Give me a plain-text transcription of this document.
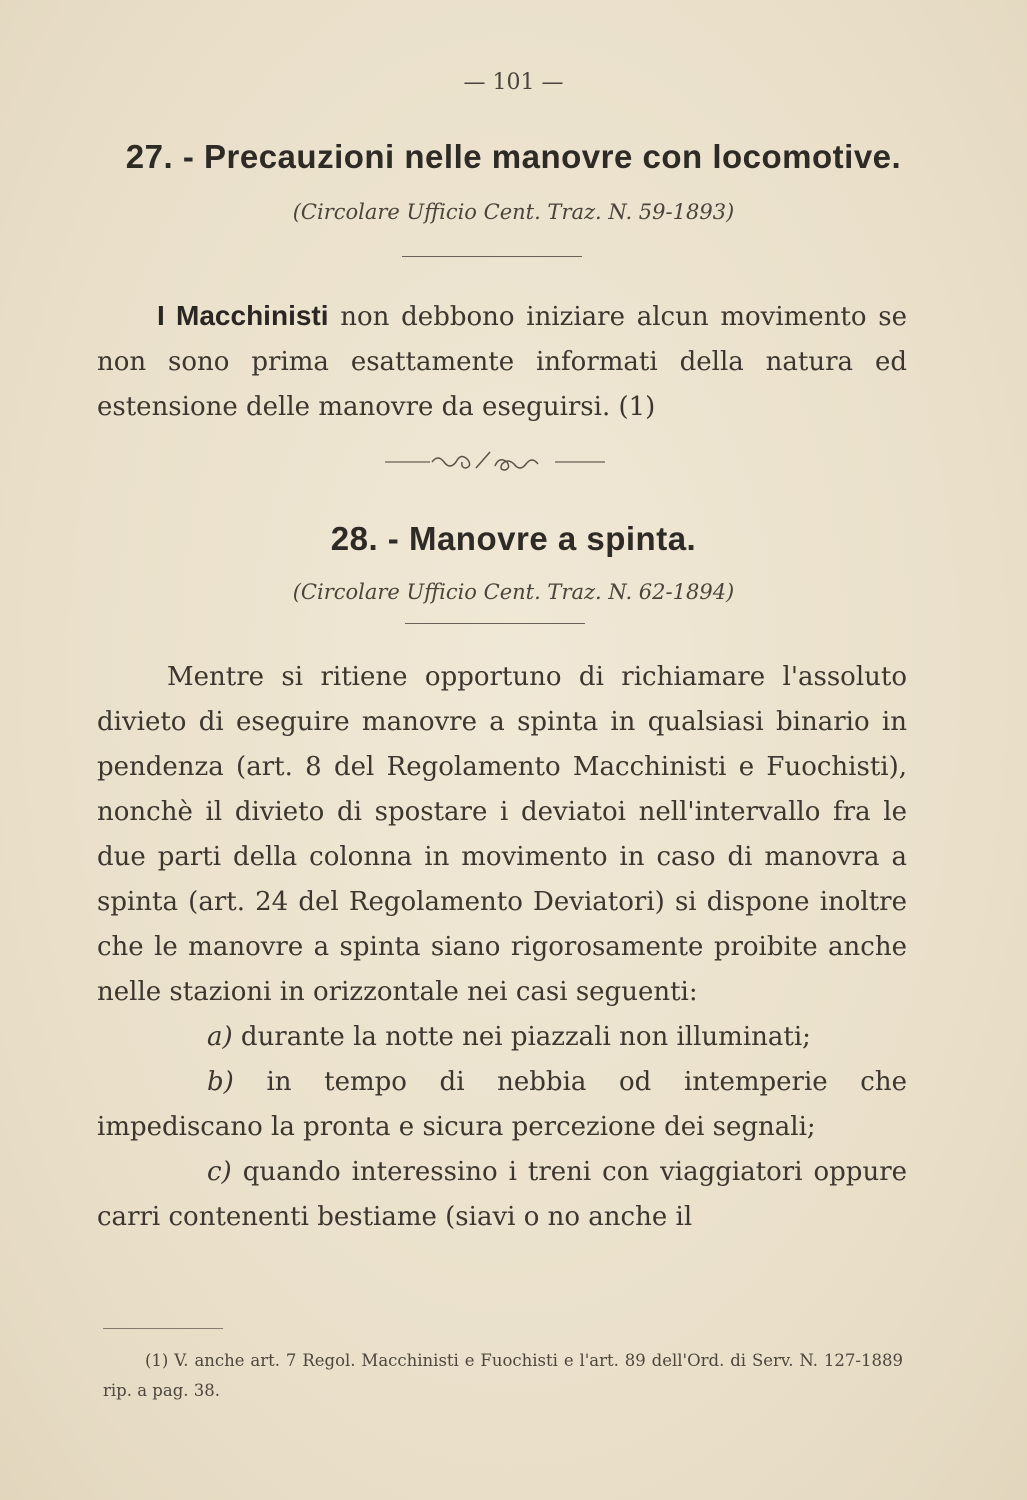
— 101 —
27. - Precauzioni nelle manovre con locomotive.
(Circolare Ufficio Cent. Traz. N. 59-1893)
I Macchinisti non debbono iniziare alcun movimento se non sono prima esattamente informati della natura ed estensione delle manovre da eseguirsi. (1)
28. - Manovre a spinta.
(Circolare Ufficio Cent. Traz. N. 62-1894)
Mentre si ritiene opportuno di richiamare l'assoluto divieto di eseguire manovre a spinta in qualsiasi binario in pendenza (art. 8 del Regolamento Macchinisti e Fuochisti), nonchè il divieto di spostare i deviatoi nell'intervallo fra le due parti della colonna in movimento in caso di manovra a spinta (art. 24 del Regolamento Deviatori) si dispone inoltre che le manovre a spinta siano rigorosamente proibite anche nelle stazioni in orizzontale nei casi seguenti:
a) durante la notte nei piazzali non illuminati;
b) in tempo di nebbia od intemperie che impediscano la pronta e sicura percezione dei segnali;
c) quando interessino i treni con viaggiatori oppure carri contenenti bestiame (siavi o no anche il
(1) V. anche art. 7 Regol. Macchinisti e Fuochisti e l'art. 89 dell'Ord. di Serv. N. 127-1889 rip. a pag. 38.
